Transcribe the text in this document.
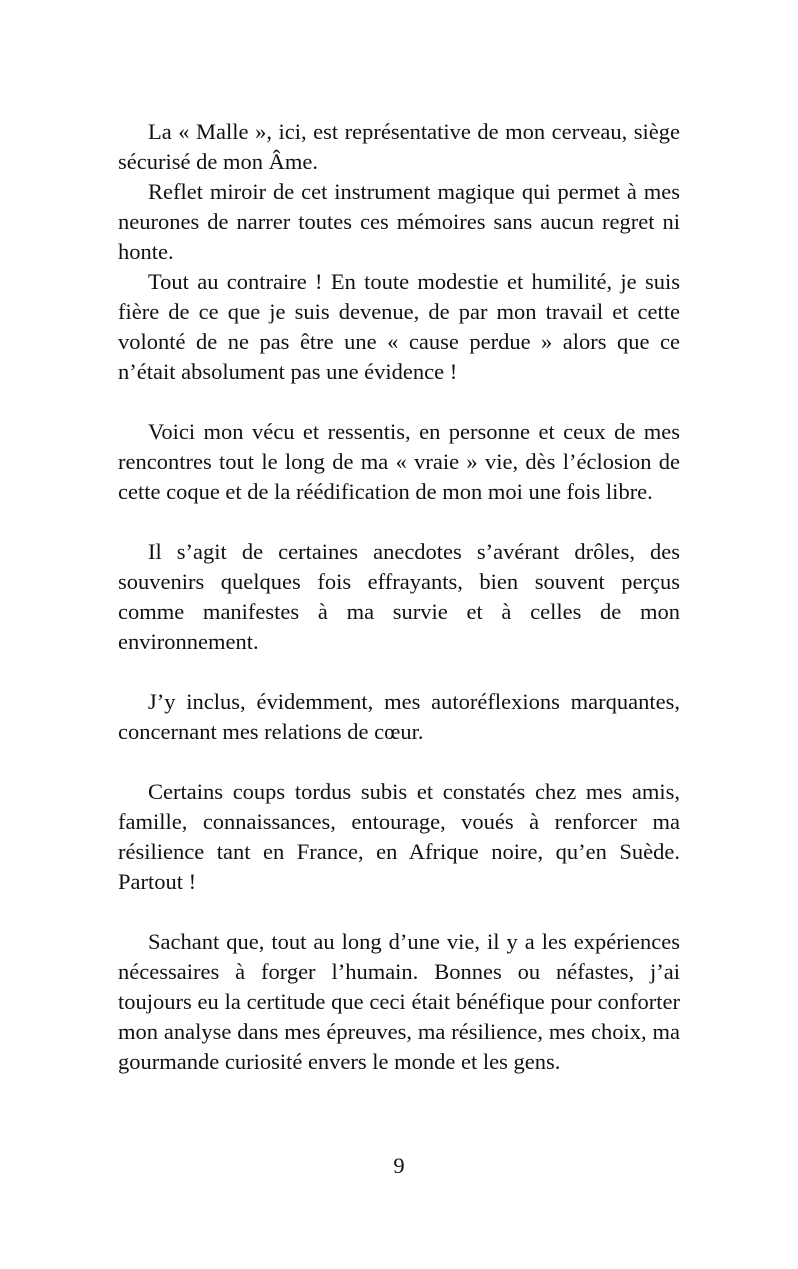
La « Malle », ici, est représentative de mon cerveau, siège sécurisé de mon Âme.

Reflet miroir de cet instrument magique qui permet à mes neurones de narrer toutes ces mémoires sans aucun regret ni honte.

Tout au contraire ! En toute modestie et humilité, je suis fière de ce que je suis devenue, de par mon travail et cette volonté de ne pas être une « cause perdue » alors que ce n’était absolument pas une évidence !

Voici mon vécu et ressentis, en personne et ceux de mes rencontres tout le long de ma « vraie » vie, dès l’éclosion de cette coque et de la réédification de mon moi une fois libre.

Il s’agit de certaines anecdotes s’avérant drôles, des souvenirs quelques fois effrayants, bien souvent perçus comme manifestes à ma survie et à celles de mon environnement.

J’y inclus, évidemment, mes autoréflexions marquantes, concernant mes relations de cœur.

Certains coups tordus subis et constatés chez mes amis, famille, connaissances, entourage, voués à renforcer ma résilience tant en France, en Afrique noire, qu’en Suède. Partout !

Sachant que, tout au long d’une vie, il y a les expériences nécessaires à forger l’humain. Bonnes ou néfastes, j’ai toujours eu la certitude que ceci était bénéfique pour conforter mon analyse dans mes épreuves, ma résilience, mes choix, ma gourmande curiosité envers le monde et les gens.

9
